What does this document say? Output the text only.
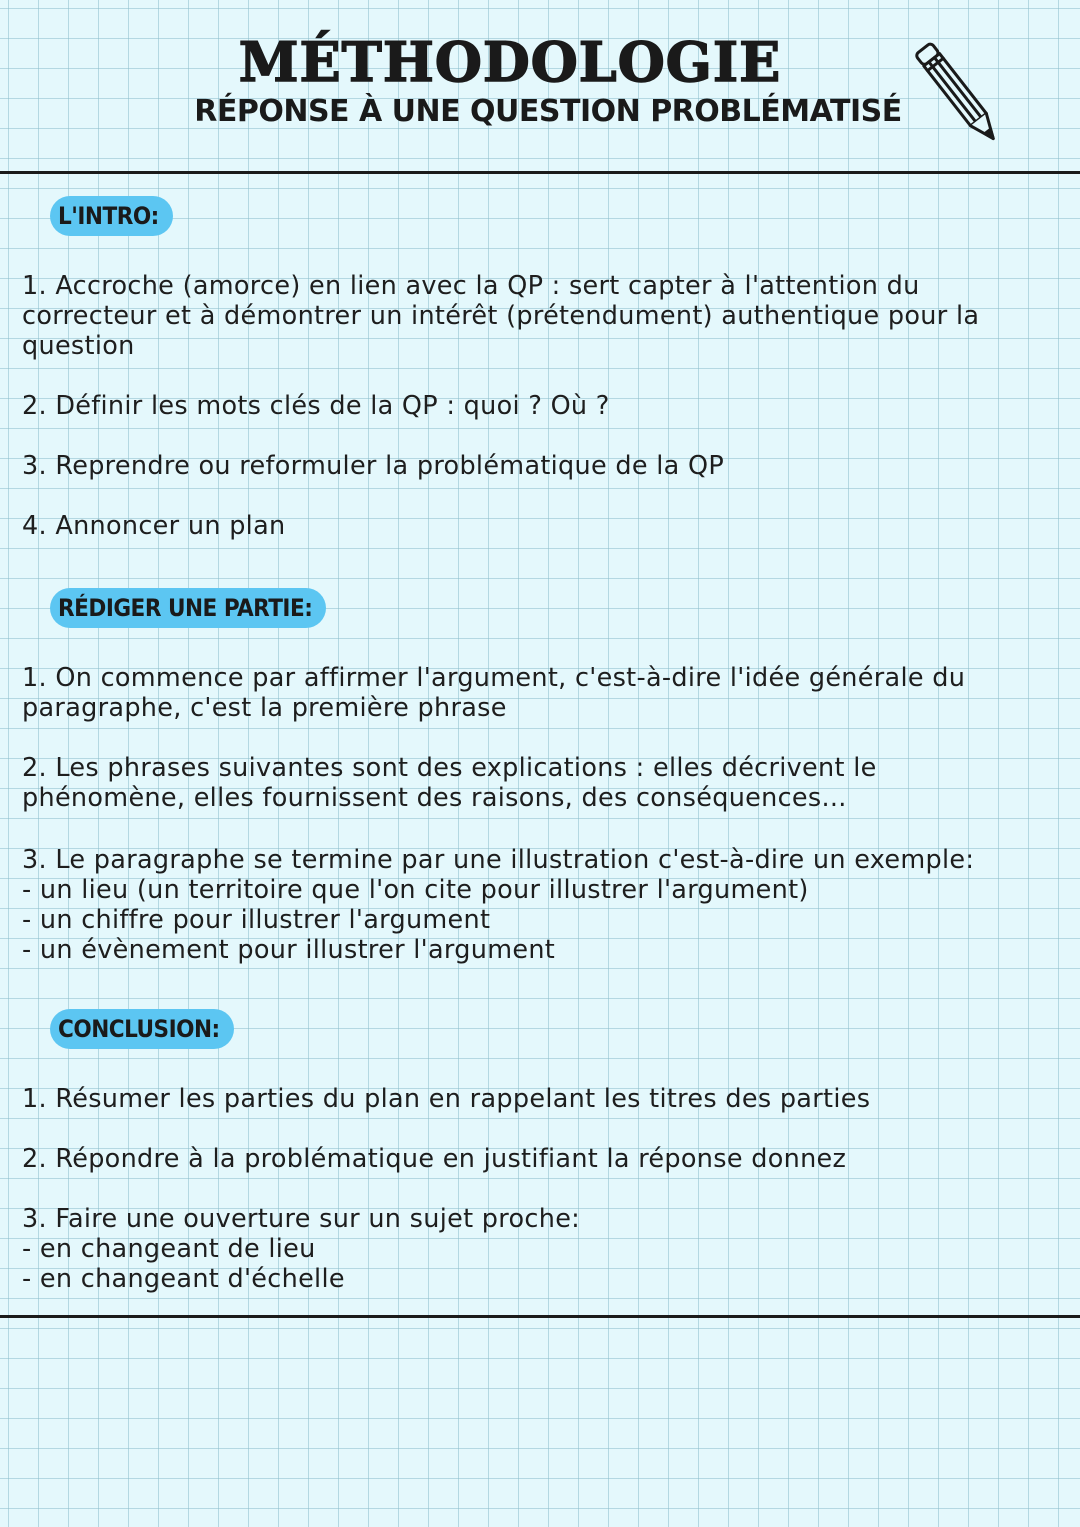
MÉTHODOLOGIE
RÉPONSE À UNE QUESTION PROBLÉMATISÉ
L'INTRO:

1. Accroche (amorce) en lien avec la QP : sert capter à l'attention du
correcteur et à démontrer un intérêt (prétendument) authentique pour la
question

2. Définir les mots clés de la QP : quoi ? Où ?

3. Reprendre ou reformuler la problématique de la QP

4. Annoncer un plan

RÉDIGER UNE PARTIE:

1. On commence par affirmer l'argument, c'est-à-dire l'idée générale du
paragraphe, c'est la première phrase

2. Les phrases suivantes sont des explications : elles décrivent le
phénomène, elles fournissent des raisons, des conséquences...

3. Le paragraphe se termine par une illustration c'est-à-dire un exemple:
- un lieu (un territoire que l'on cite pour illustrer l'argument)
- un chiffre pour illustrer l'argument
- un évènement pour illustrer l'argument

CONCLUSION:

1. Résumer les parties du plan en rappelant les titres des parties

2. Répondre à la problématique en justifiant la réponse donnez

3. Faire une ouverture sur un sujet proche:
- en changeant de lieu
- en changeant d'échelle
